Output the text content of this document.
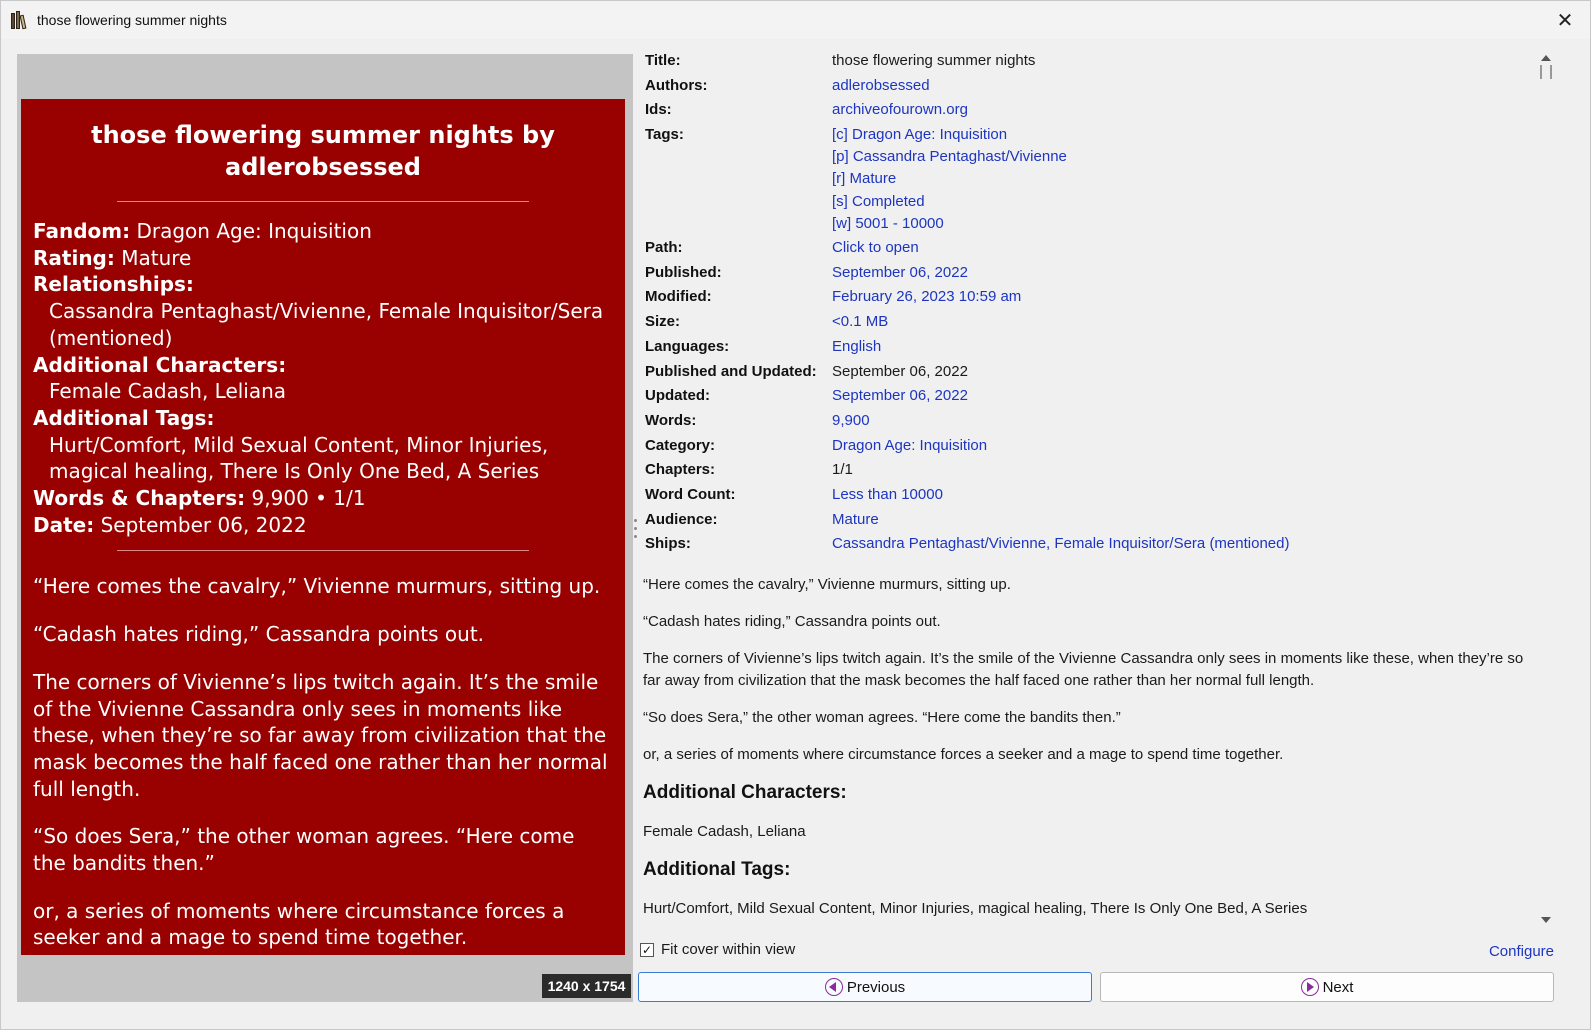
those flowering summer nights	✕
those flowering summer nights by adlerobsessed
Fandom: Dragon Age: Inquisition
Rating: Mature
Relationships:
Cassandra Pentaghast/Vivienne, Female Inquisitor/Sera (mentioned)
Additional Characters:
Female Cadash, Leliana
Additional Tags:
Hurt/Comfort, Mild Sexual Content, Minor Injuries, magical healing, There Is Only One Bed, A Series
Words & Chapters: 9,900 • 1/1
Date: September 06, 2022
“Here comes the cavalry,” Vivienne murmurs, sitting up.
“Cadash hates riding,” Cassandra points out.
The corners of Vivienne’s lips twitch again. It’s the smile of the Vivienne Cassandra only sees in moments like these, when they’re so far away from civilization that the mask becomes the half faced one rather than her normal full length.
“So does Sera,” the other woman agrees. “Here come the bandits then.”
or, a series of moments where circumstance forces a seeker and a mage to spend time together.
1240 x 1754
Title:	those flowering summer nights
Authors:	adlerobsessed
Ids:	archiveofourown.org
Tags:	[c] Dragon Age: Inquisition
[p] Cassandra Pentaghast/Vivienne
[r] Mature
[s] Completed
[w] 5001 - 10000
Path:	Click to open
Published:	September 06, 2022
Modified:	February 26, 2023 10:59 am
Size:	<0.1 MB
Languages:	English
Published and Updated: September 06, 2022
Updated:	September 06, 2022
Words:	9,900
Category:	Dragon Age: Inquisition
Chapters:	1/1
Word Count:	Less than 10000
Audience:	Mature
Ships:	Cassandra Pentaghast/Vivienne, Female Inquisitor/Sera (mentioned)

“Here comes the cavalry,” Vivienne murmurs, sitting up.

“Cadash hates riding,” Cassandra points out.

The corners of Vivienne’s lips twitch again. It’s the smile of the Vivienne Cassandra only sees in moments like these, when they’re so far away from civilization that the mask becomes the half faced one rather than her normal full length.

“So does Sera,” the other woman agrees. “Here come the bandits then.”

or, a series of moments where circumstance forces a seeker and a mage to spend time together.

Additional Characters:

Female Cadash, Leliana

Additional Tags:

Hurt/Comfort, Mild Sexual Content, Minor Injuries, magical healing, There Is Only One Bed, A Series

✓ Fit cover within view	Configure
Previous	Next
